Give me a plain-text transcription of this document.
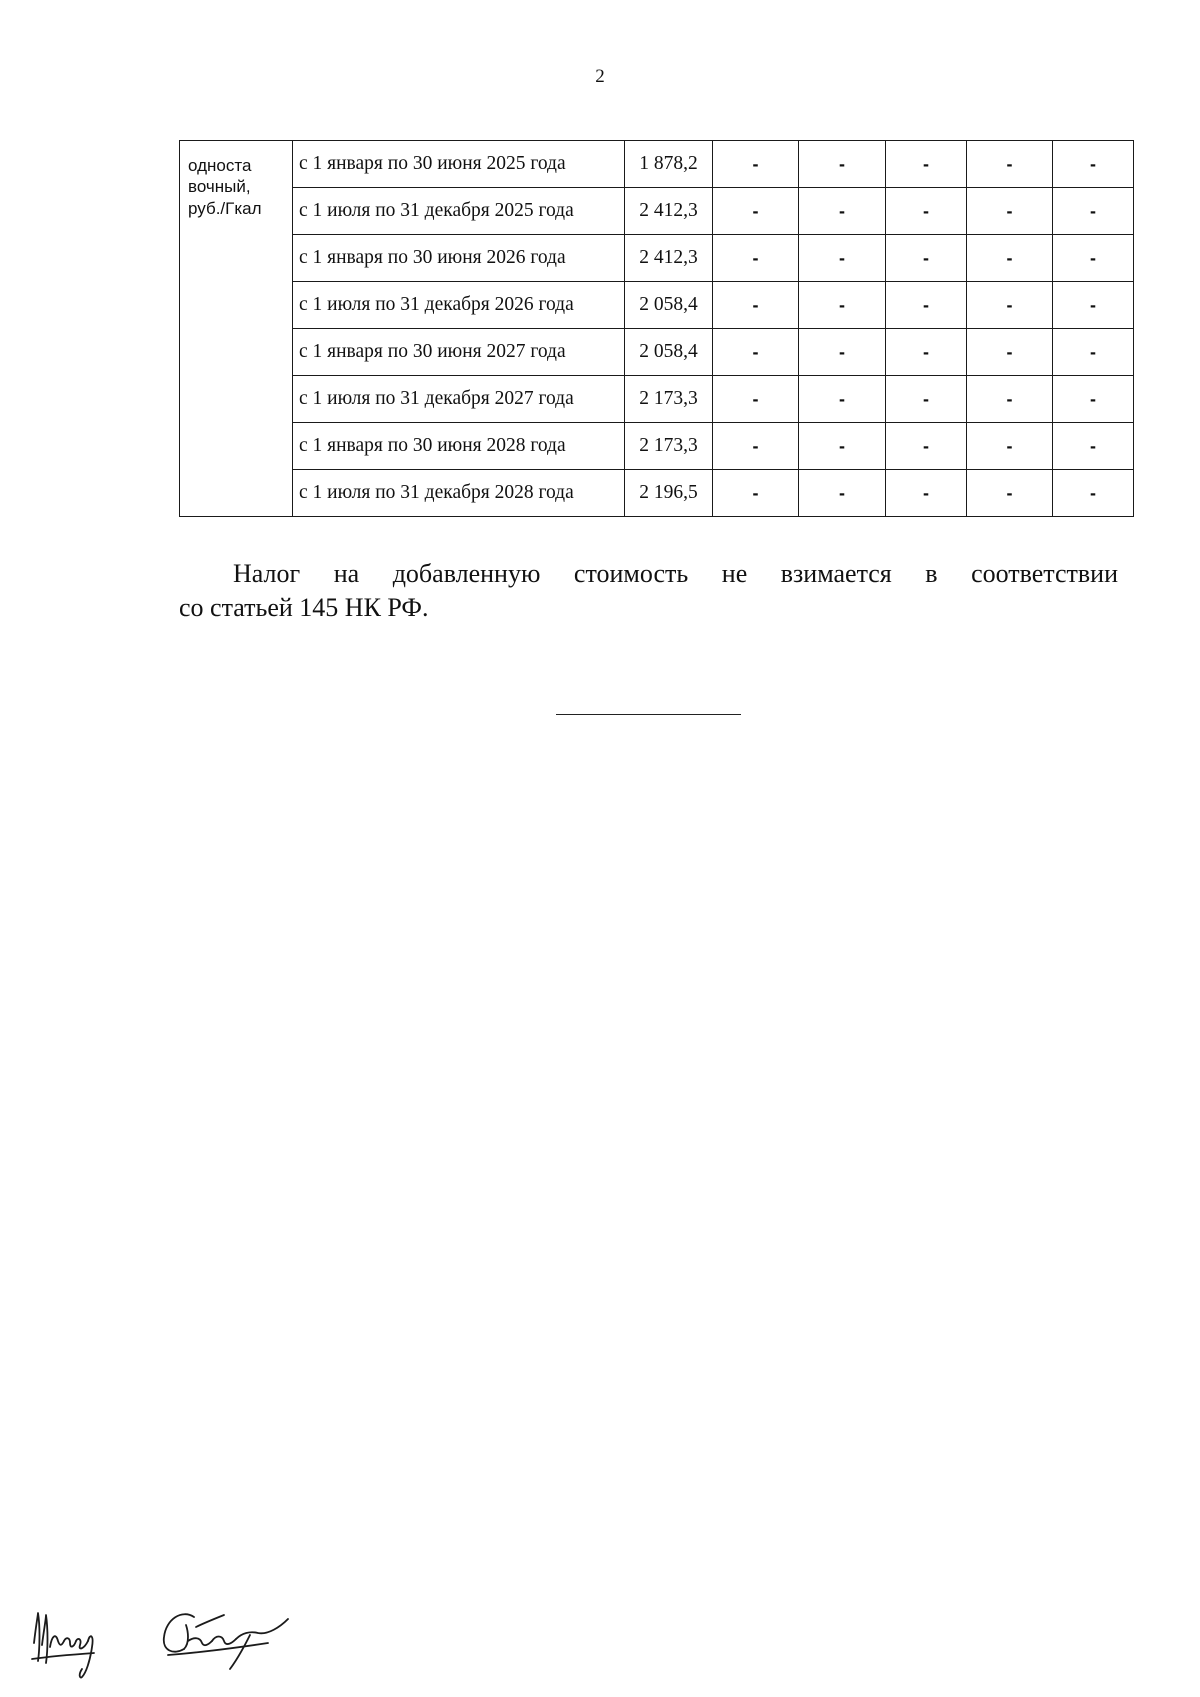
2
односта
вочный,
руб./Гкал	с 1 января по 30 июня 2025 года	1 878,2	-	-	-	-	-
	с 1 июля по 31 декабря 2025 года	2 412,3	-	-	-	-	-
	с 1 января по 30 июня 2026 года	2 412,3	-	-	-	-	-
	с 1 июля по 31 декабря 2026 года	2 058,4	-	-	-	-	-
	с 1 января по 30 июня 2027 года	2 058,4	-	-	-	-	-
	с 1 июля по 31 декабря 2027 года	2 173,3	-	-	-	-	-
	с 1 января по 30 июня 2028 года	2 173,3	-	-	-	-	-
	с 1 июля по 31 декабря 2028 года	2 196,5	-	-	-	-	-
Налог на добавленную стоимость не взимается в соответствии
со статьей 145 НК РФ.
